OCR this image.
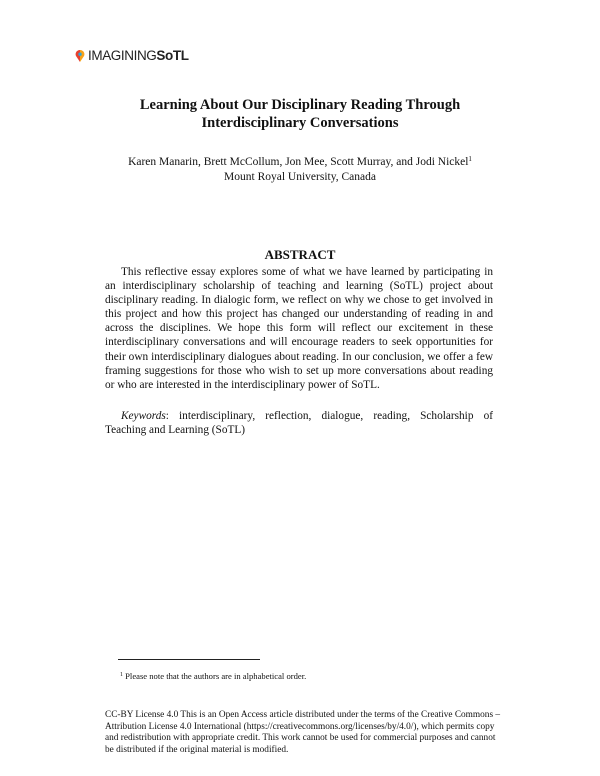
IMAGININGSoTL
Learning About Our Disciplinary Reading Through
Interdisciplinary Conversations
Karen Manarin, Brett McCollum, Jon Mee, Scott Murray, and Jodi Nickel$^1$
Mount Royal University, Canada
ABSTRACT

This reflective essay explores some of what we have learned by participating in an interdisciplinary scholarship of teaching and learning (SoTL) project about disciplinary reading. In dialogic form, we reflect on why we chose to get involved in this project and how this project has changed our understanding of reading in and across the disciplines. We hope this form will reflect our excitement in these interdisciplinary conversations and will encourage readers to seek opportunities for their own interdisciplinary dialogues about reading. In our conclusion, we offer a few framing suggestions for those who wish to set up more conversations about reading or who are interested in the interdisciplinary power of SoTL.

Keywords: interdisciplinary, reflection, dialogue, reading, Scholarship of Teaching and Learning (SoTL)

$^1$ Please note that the authors are in alphabetical order.
CC-BY License 4.0 This is an Open Access article distributed under the terms of the Creative Commons – Attribution License 4.0 International (https://creativecommons.org/licenses/by/4.0/), which permits copy and redistribution with appropriate credit. This work cannot be used for commercial purposes and cannot be distributed if the original material is modified.
